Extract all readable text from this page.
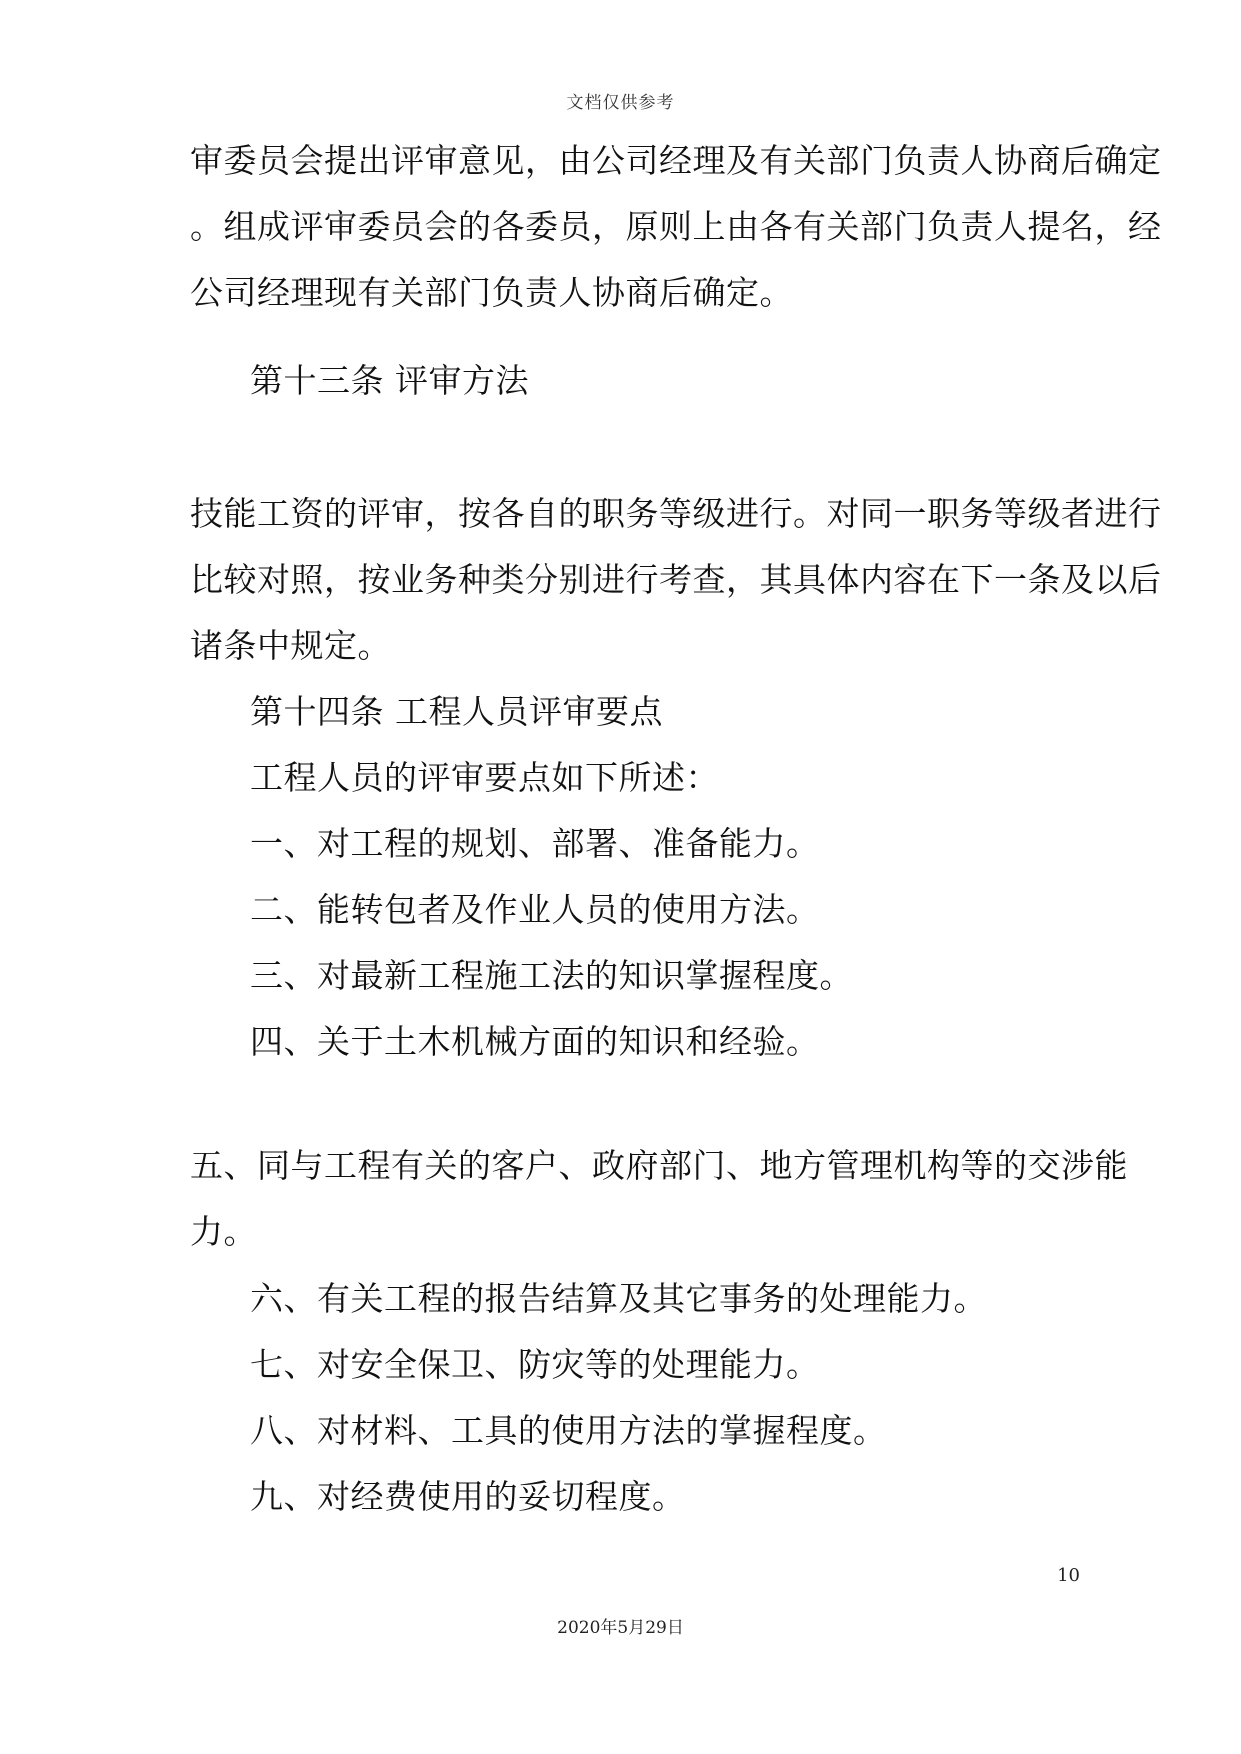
文档仅供参考
审委员会提出评审意见，由公司经理及有关部门负责人协商后确定
。组成评审委员会的各委员，原则上由各有关部门负责人提名，经
公司经理现有关部门负责人协商后确定。
第十三条 评审方法
技能工资的评审，按各自的职务等级进行。对同一职务等级者进行
比较对照，按业务种类分别进行考查，其具体内容在下一条及以后
诸条中规定。
第十四条 工程人员评审要点
工程人员的评审要点如下所述：
一、对工程的规划、部署、准备能力。
二、能转包者及作业人员的使用方法。
三、对最新工程施工法的知识掌握程度。
四、关于土木机械方面的知识和经验。
五、同与工程有关的客户、政府部门、地方管理机构等的交涉能
力。
六、有关工程的报告结算及其它事务的处理能力。
七、对安全保卫、防灾等的处理能力。
八、对材料、工具的使用方法的掌握程度。
九、对经费使用的妥切程度。
10
2020年5月29日
